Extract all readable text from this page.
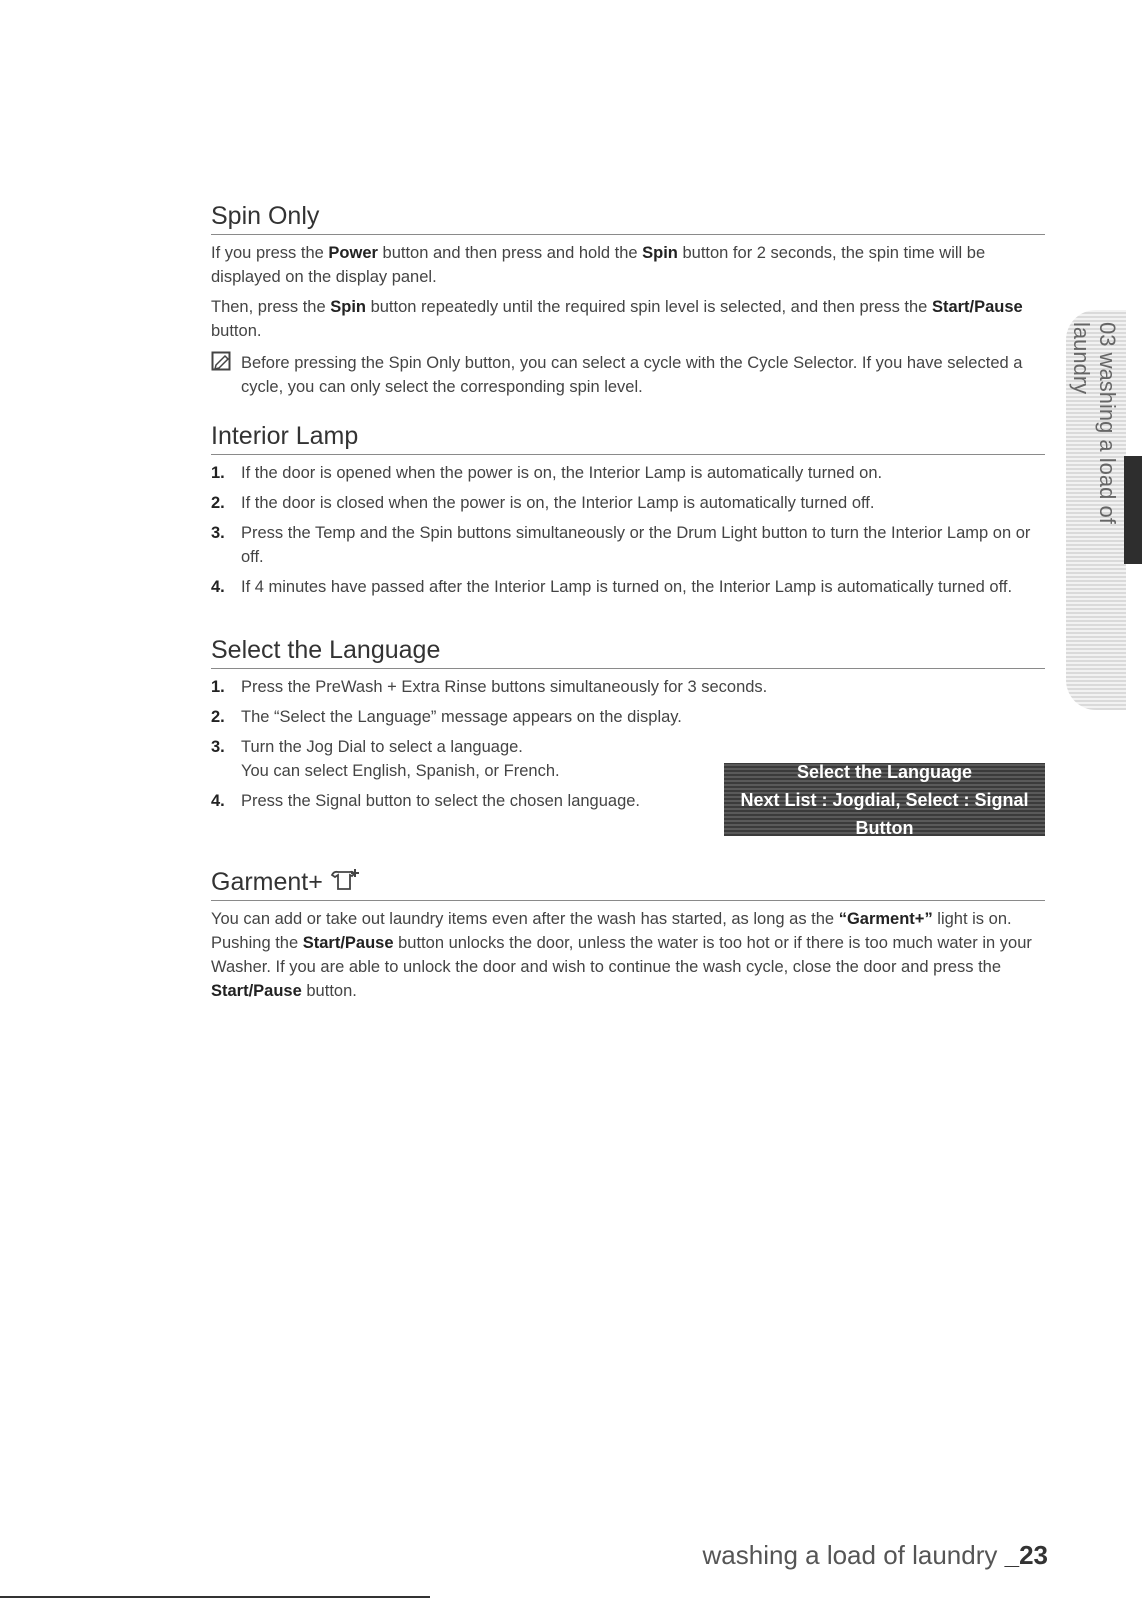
Spin Only

If you press the Power button and then press and hold the Spin button for 2 seconds, the spin time will be displayed on the display panel.

Then, press the Spin button repeatedly until the required spin level is selected, and then press the Start/Pause button.

Before pressing the Spin Only button, you can select a cycle with the Cycle Selector. If you have selected a cycle, you can only select the corresponding spin level.

Interior Lamp
1. If the door is opened when the power is on, the Interior Lamp is automatically turned on.
2. If the door is closed when the power is on, the Interior Lamp is automatically turned off.
3. Press the Temp and the Spin buttons simultaneously or the Drum Light button to turn the Interior Lamp on or off.
4. If 4 minutes have passed after the Interior Lamp is turned on, the Interior Lamp is automatically turned off.
Select the Language
1. Press the PreWash + Extra Rinse buttons simultaneously for 3 seconds.
2. The “Select the Language” message appears on the display.
3. Turn the Jog Dial to select a language.
You can select English, Spanish, or French.
4. Press the Signal button to select the chosen language.
Select the Language
Next List : Jogdial, Select : Signal Button
Garment+

You can add or take out laundry items even after the wash has started, as long as the “Garment+” light is on. Pushing the Start/Pause button unlocks the door, unless the water is too hot or if there is too much water in your Washer. If you are able to unlock the door and wish to continue the wash cycle, close the door and press the Start/Pause button.

03 washing a load of laundry
washing a load of laundry _23
